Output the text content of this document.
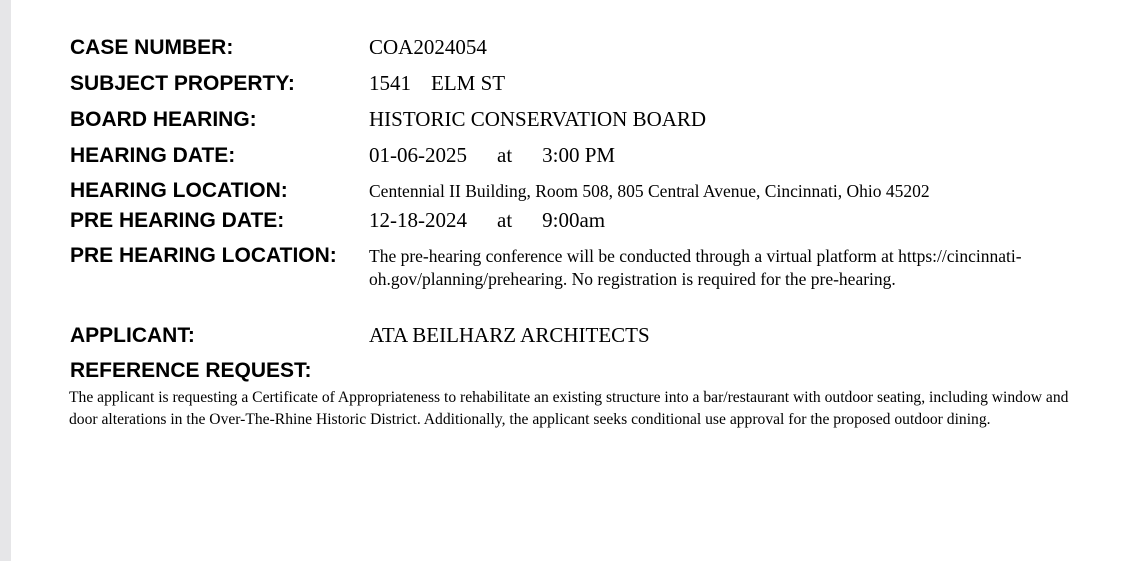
CASE NUMBER:	COA2024054
SUBJECT PROPERTY:	1541 ELM ST
BOARD HEARING:	HISTORIC CONSERVATION BOARD
HEARING DATE:	01-06-2025 at 3:00 PM
HEARING LOCATION:	Centennial II Building, Room 508, 805 Central Avenue, Cincinnati, Ohio 45202
PRE HEARING DATE:	12-18-2024 at 9:00am
PRE HEARING LOCATION: The pre-hearing conference will be conducted through a virtual platform at https://cincinnati-oh.gov/planning/prehearing. No registration is required for the pre-hearing.
APPLICANT:	ATA BEILHARZ ARCHITECTS
REFERENCE REQUEST:
The applicant is requesting a Certificate of Appropriateness to rehabilitate an existing structure into a bar/restaurant with outdoor seating, including window and door alterations in the Over-The-Rhine Historic District. Additionally, the applicant seeks conditional use approval for the proposed outdoor dining.
